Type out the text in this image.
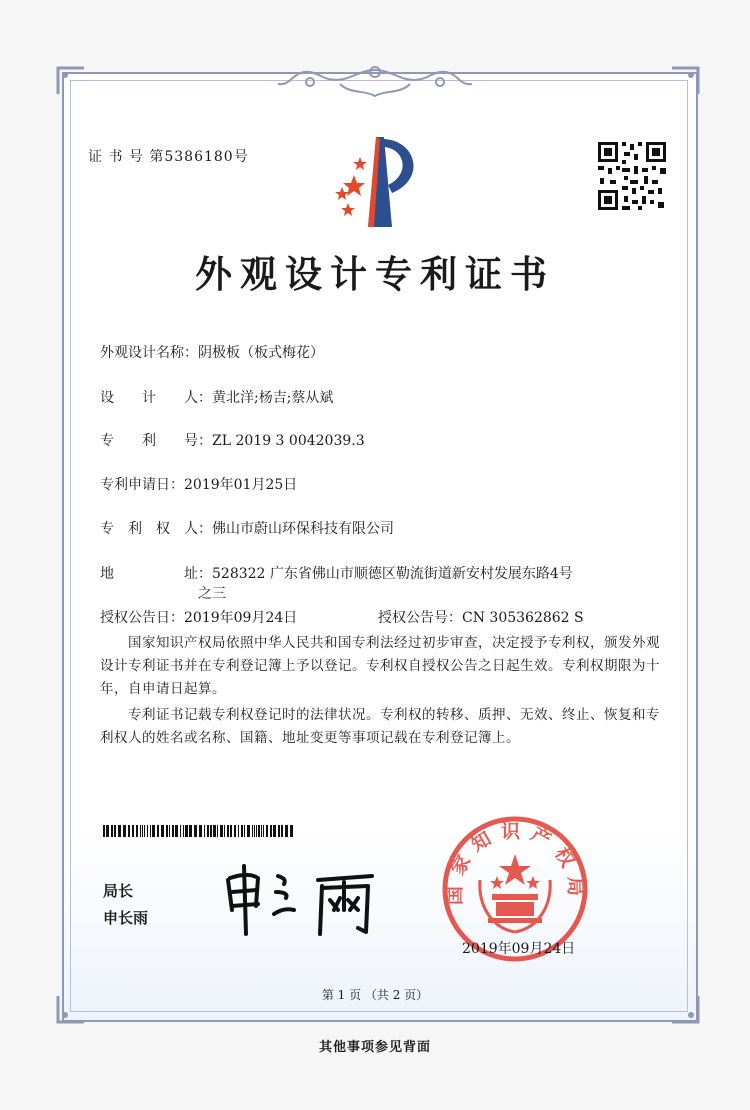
证 书 号 第5386180号
外观设计专利证书
外观设计名称：阴极板（板式梅花）
设　　计　　人：黄北洋;杨吉;蔡从斌
专　　利　　号：ZL 2019 3 0042039.3
专利申请日：2019年01月25日
专　利　权　人：佛山市蔚山环保科技有限公司
地　　　　　址：528322 广东省佛山市顺德区勒流街道新安村发展东路4号
之三
授权公告日：2019年09月24日	授权公告号：CN 305362862 S
国家知识产权局依照中华人民共和国专利法经过初步审查，决定授予专利权，颁发外观设计专利证书并在专利登记簿上予以登记。专利权自授权公告之日起生效。专利权期限为十年，自申请日起算。
专利证书记载专利权登记时的法律状况。专利权的转移、质押、无效、终止、恢复和专利权人的姓名或名称、国籍、地址变更等事项记载在专利登记簿上。
局长
申长雨
国家知识产权局
2019年09月24日
第 1 页 （共 2 页）
其他事项参见背面
